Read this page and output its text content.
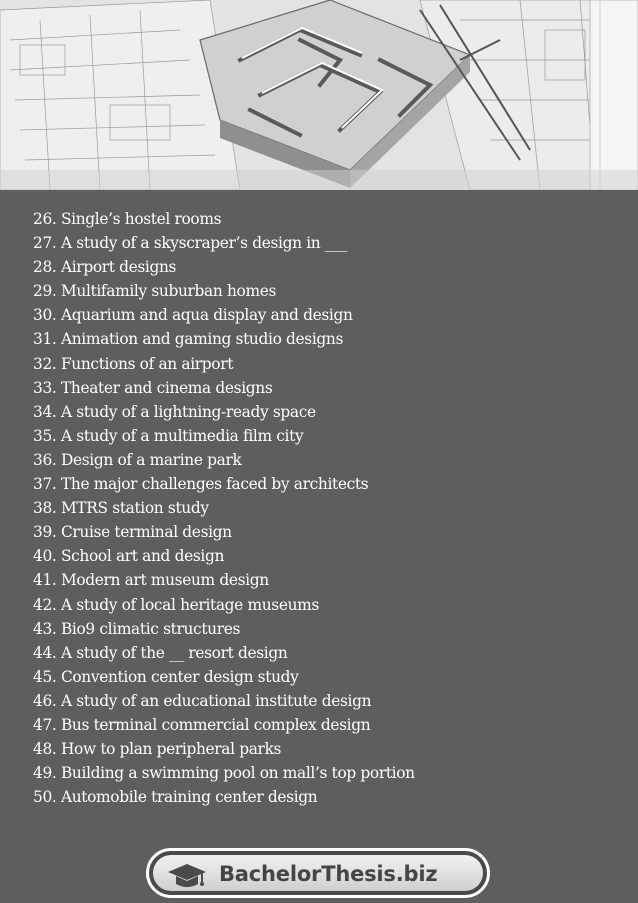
26. Single’s hostel rooms
27. A study of a skyscraper’s design in ___
28. Airport designs
29. Multifamily suburban homes
30. Aquarium and aqua display and design
31. Animation and gaming studio designs
32. Functions of an airport
33. Theater and cinema designs
34. A study of a lightning-ready space
35. A study of a multimedia film city
36. Design of a marine park
37. The major challenges faced by architects
38. MTRS station study
39. Cruise terminal design
40. School art and design
41. Modern art museum design
42. A study of local heritage museums
43. Bio9 climatic structures
44. A study of the __ resort design
45. Convention center design study
46. A study of an educational institute design
47. Bus terminal commercial complex design
48. How to plan peripheral parks
49. Building a swimming pool on mall’s top portion
50. Automobile training center design
BachelorThesis.biz
